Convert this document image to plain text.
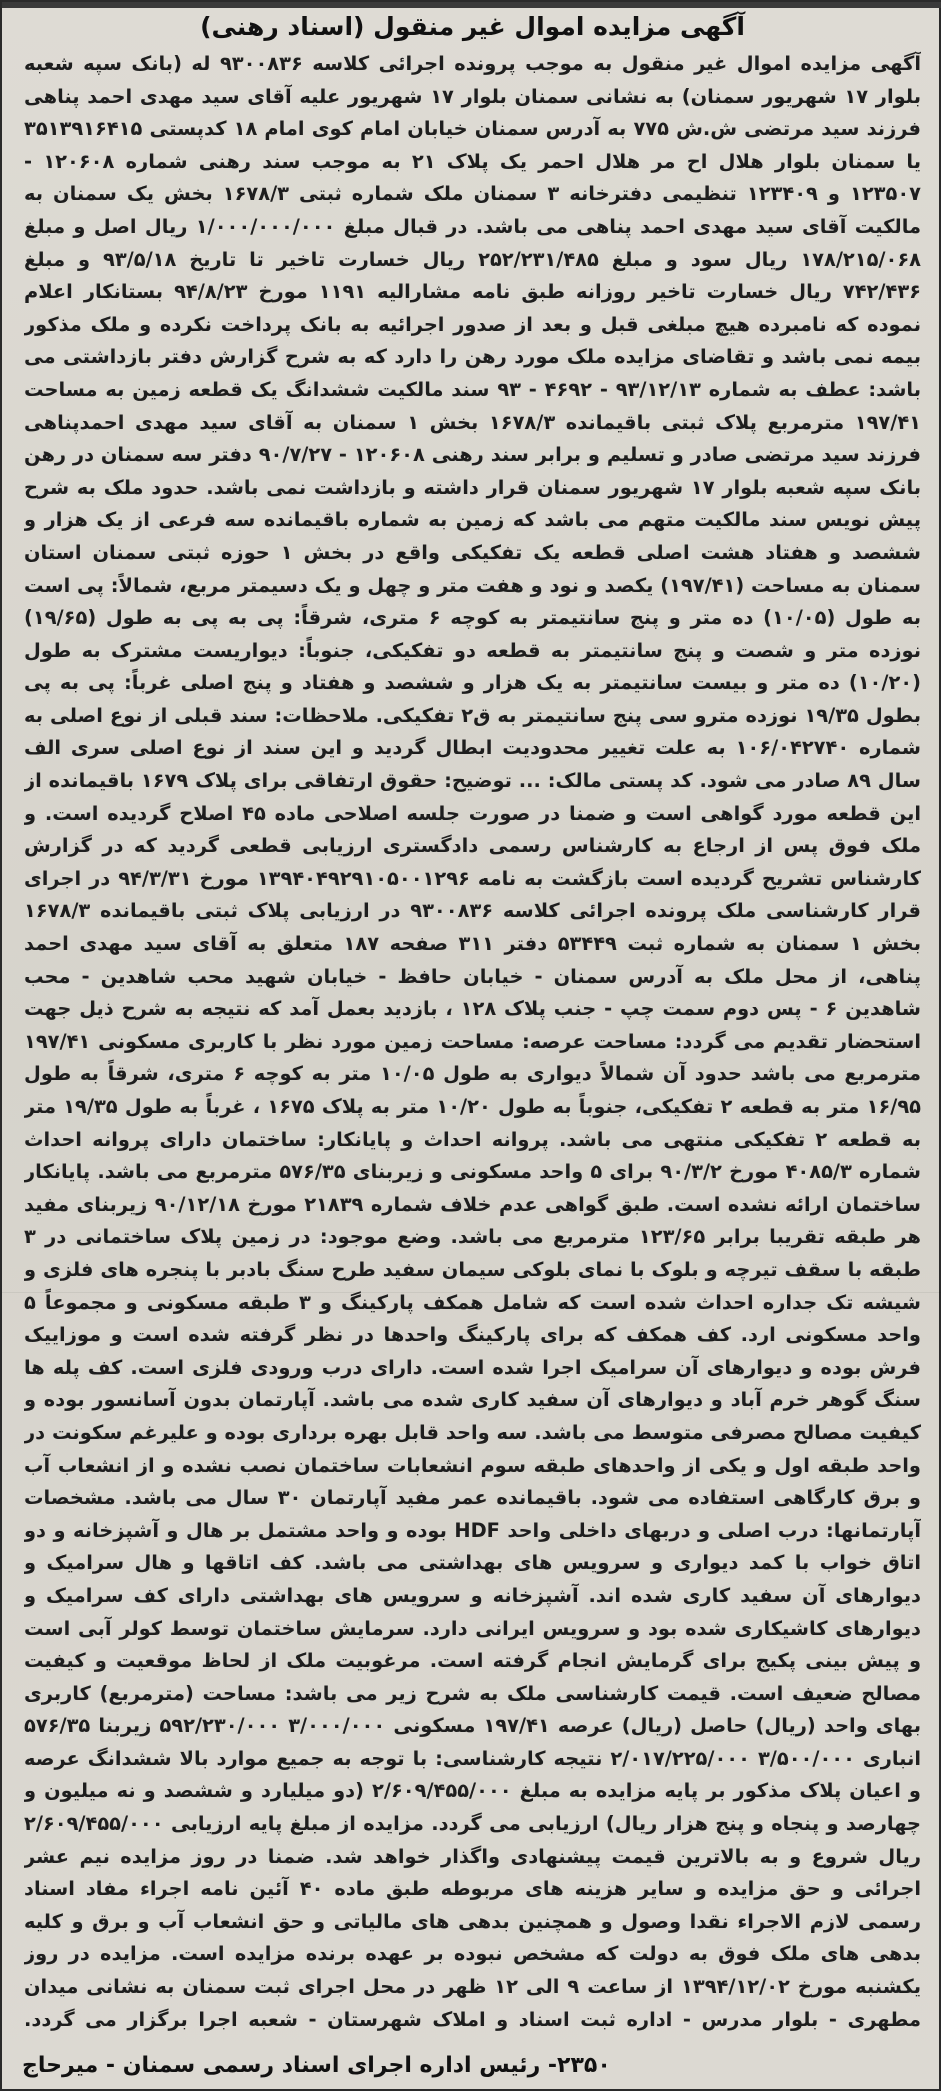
آگهی مزایده اموال غیر منقول (اسناد رهنی)
آگهی مزایده اموال غیر منقول به موجب پرونده اجرائی کلاسه ۹۳۰۰۸۳۶ له (بانک سپه شعبه بلوار ۱۷ شهریور سمنان) به نشانی سمنان بلوار ۱۷ شهریور علیه آقای سید مهدی احمد پناهی فرزند سید مرتضی ش.ش ۷۷۵ به آدرس سمنان خیابان امام کوی امام ۱۸ کدپستی ۳۵۱۳۹۱۶۴۱۵ یا سمنان بلوار هلال اح مر هلال احمر یک پلاک ۲۱ به موجب سند رهنی شماره ۱۲۰۶۰۸ - ۱۲۳۵۰۷ و ۱۲۳۴۰۹ تنظیمی دفترخانه ۳ سمنان ملک شماره ثبتی ۱۶۷۸/۳ بخش یک سمنان به مالکیت آقای سید مهدی احمد پناهی می باشد. در قبال مبلغ ۱/۰۰۰/۰۰۰/۰۰۰ ریال اصل و مبلغ ۱۷۸/۲۱۵/۰۶۸ ریال سود و مبلغ ۲۵۲/۲۳۱/۴۸۵ ریال خسارت تاخیر تا تاریخ ۹۳/۵/۱۸ و مبلغ ۷۴۲/۴۳۶ ریال خسارت تاخیر روزانه طبق نامه مشارالیه ۱۱۹۱ مورخ ۹۴/۸/۲۳ بستانکار اعلام نموده که نامبرده هیچ مبلغی قبل و بعد از صدور اجرائیه به بانک پرداخت نکرده و ملک مذکور بیمه نمی باشد و تقاضای مزایده ملک مورد رهن را دارد که به شرح گزارش دفتر بازداشتی می باشد: عطف به شماره ۹۳/۱۲/۱۳ - ۴۶۹۲ - ۹۳ سند مالکیت ششدانگ یک قطعه زمین به مساحت ۱۹۷/۴۱ مترمربع پلاک ثبتی باقیمانده ۱۶۷۸/۳ بخش ۱ سمنان به آقای سید مهدی احمدپناهی فرزند سید مرتضی صادر و تسلیم و برابر سند رهنی ۱۲۰۶۰۸ - ۹۰/۷/۲۷ دفتر سه سمنان در رهن بانک سپه شعبه بلوار ۱۷ شهریور سمنان قرار داشته و بازداشت نمی باشد. حدود ملک به شرح پیش نویس سند مالکیت متهم می باشد که زمین به شماره باقیمانده سه فرعی از یک هزار و ششصد و هفتاد هشت اصلی قطعه یک تفکیکی واقع در بخش ۱ حوزه ثبتی سمنان استان سمنان به مساحت (۱۹۷/۴۱) یکصد و نود و هفت متر و چهل و یک دسیمتر مربع، شمالاً: پی است به طول (۱۰/۰۵) ده متر و پنج سانتیمتر به کوچه ۶ متری، شرقاً: پی به پی به طول (۱۹/۶۵) نوزده متر و شصت و پنج سانتیمتر به قطعه دو تفکیکی، جنوباً: دیواریست مشترک به طول (۱۰/۲۰) ده متر و بیست سانتیمتر به یک هزار و ششصد و هفتاد و پنج اصلی غرباً: پی به پی بطول ۱۹/۳۵ نوزده مترو سی پنج سانتیمتر به ق۲ تفکیکی. ملاحظات: سند قبلی از نوع اصلی به شماره ۱۰۶/۰۴۲۷۴۰ به علت تغییر محدودیت ابطال گردید و این سند از نوع اصلی سری الف سال ۸۹ صادر می شود. کد پستی مالک: ... توضیح: حقوق ارتفاقی برای پلاک ۱۶۷۹ باقیمانده از این قطعه مورد گواهی است و ضمنا در صورت جلسه اصلاحی ماده ۴۵ اصلاح گردیده است. و ملک فوق پس از ارجاع به کارشناس رسمی دادگستری ارزیابی قطعی گردید که در گزارش کارشناس تشریح گردیده است بازگشت به نامه ۱۳۹۴۰۴۹۲۹۱۰۵۰۰۱۲۹۶ مورخ ۹۴/۳/۳۱ در اجرای قرار کارشناسی ملک پرونده اجرائی کلاسه ۹۳۰۰۸۳۶ در ارزیابی پلاک ثبتی باقیمانده ۱۶۷۸/۳ بخش ۱ سمنان به شماره ثبت ۵۳۴۴۹ دفتر ۳۱۱ صفحه ۱۸۷ متعلق به آقای سید مهدی احمد پناهی، از محل ملک به آدرس سمنان - خیابان حافظ - خیابان شهید محب شاهدین - محب شاهدین ۶ - پس دوم سمت چپ - جنب پلاک ۱۲۸ ، بازدید بعمل آمد که نتیجه به شرح ذیل جهت استحضار تقدیم می گردد: مساحت عرصه: مساحت زمین مورد نظر با کاربری مسکونی ۱۹۷/۴۱ مترمربع می باشد حدود آن شمالاً دیواری به طول ۱۰/۰۵ متر به کوچه ۶ متری، شرقاً به طول ۱۶/۹۵ متر به قطعه ۲ تفکیکی، جنوباً به طول ۱۰/۲۰ متر به پلاک ۱۶۷۵ ، غرباً به طول ۱۹/۳۵ متر به قطعه ۲ تفکیکی منتهی می باشد. پروانه احداث و پایانکار: ساختمان دارای پروانه احداث شماره ۴۰۸۵/۳ مورخ ۹۰/۳/۲ برای ۵ واحد مسکونی و زیربنای ۵۷۶/۳۵ مترمربع می باشد. پایانکار ساختمان ارائه نشده است. طبق گواهی عدم خلاف شماره ۲۱۸۳۹ مورخ ۹۰/۱۲/۱۸ زیربنای مفید هر طبقه تقریبا برابر ۱۲۳/۶۵ مترمربع می باشد. وضع موجود: در زمین پلاک ساختمانی در ۳ طبقه با سقف تیرچه و بلوک با نمای بلوکی سیمان سفید طرح سنگ بادبر با پنجره های فلزی و شیشه تک جداره احداث شده است که شامل همکف پارکینگ و ۳ طبقه مسکونی و مجموعاً ۵ واحد مسکونی ارد. کف همکف که برای پارکینگ واحدها در نظر گرفته شده است و موزاییک فرش بوده و دیوارهای آن سرامیک اجرا شده است. دارای درب ورودی فلزی است. کف پله ها سنگ گوهر خرم آباد و دیوارهای آن سفید کاری شده می باشد. آپارتمان بدون آسانسور بوده و کیفیت مصالح مصرفی متوسط می باشد. سه واحد قابل بهره برداری بوده و علیرغم سکونت در واحد طبقه اول و یکی از واحدهای طبقه سوم انشعابات ساختمان نصب نشده و از انشعاب آب و برق کارگاهی استفاده می شود. باقیمانده عمر مفید آپارتمان ۳۰ سال می باشد. مشخصات آپارتمانها: درب اصلی و دربهای داخلی واحد HDF بوده و واحد مشتمل بر هال و آشپزخانه و دو اتاق خواب با کمد دیواری و سرویس های بهداشتی می باشد. کف اتاقها و هال سرامیک و دیوارهای آن سفید کاری شده اند. آشپزخانه و سرویس های بهداشتی دارای کف سرامیک و دیوارهای کاشیکاری شده بود و سرویس ایرانی دارد. سرمایش ساختمان توسط کولر آبی است و پیش بینی پکیج برای گرمایش انجام گرفته است. مرغوبیت ملک از لحاظ موقعیت و کیفیت مصالح ضعیف است. قیمت کارشناسی ملک به شرح زیر می باشد: مساحت (مترمربع) کاربری بهای واحد (ریال) حاصل (ریال) عرصه ۱۹۷/۴۱ مسکونی ۳/۰۰۰/۰۰۰ ۵۹۲/۲۳۰/۰۰۰ زیربنا ۵۷۶/۳۵ انباری ۳/۵۰۰/۰۰۰ ۲/۰۱۷/۲۲۵/۰۰۰ نتیجه کارشناسی: با توجه به جمیع موارد بالا ششدانگ عرصه و اعیان پلاک مذکور بر پایه مزایده به مبلغ ۲/۶۰۹/۴۵۵/۰۰۰ (دو میلیارد و ششصد و نه میلیون و چهارصد و پنجاه و پنج هزار ریال) ارزیابی می گردد. مزایده از مبلغ پایه ارزیابی ۲/۶۰۹/۴۵۵/۰۰۰ ریال شروع و به بالاترین قیمت پیشنهادی واگذار خواهد شد. ضمنا در روز مزایده نیم عشر اجرائی و حق مزایده و سایر هزینه های مربوطه طبق ماده ۴۰ آئین نامه اجراء مفاد اسناد رسمی لازم الاجراء نقدا وصول و همچنین بدهی های مالیاتی و حق انشعاب آب و برق و کلیه بدهی های ملک فوق به دولت که مشخص نبوده بر عهده برنده مزایده است. مزایده در روز یکشنبه مورخ ۱۳۹۴/۱۲/۰۲ از ساعت ۹ الی ۱۲ ظهر در محل اجرای ثبت سمنان به نشانی میدان مطهری - بلوار مدرس - اداره ثبت اسناد و املاک شهرستان - شعبه اجرا برگزار می گردد.
۲۳۵۰- رئیس اداره اجرای اسناد رسمی سمنان - میرحاج
